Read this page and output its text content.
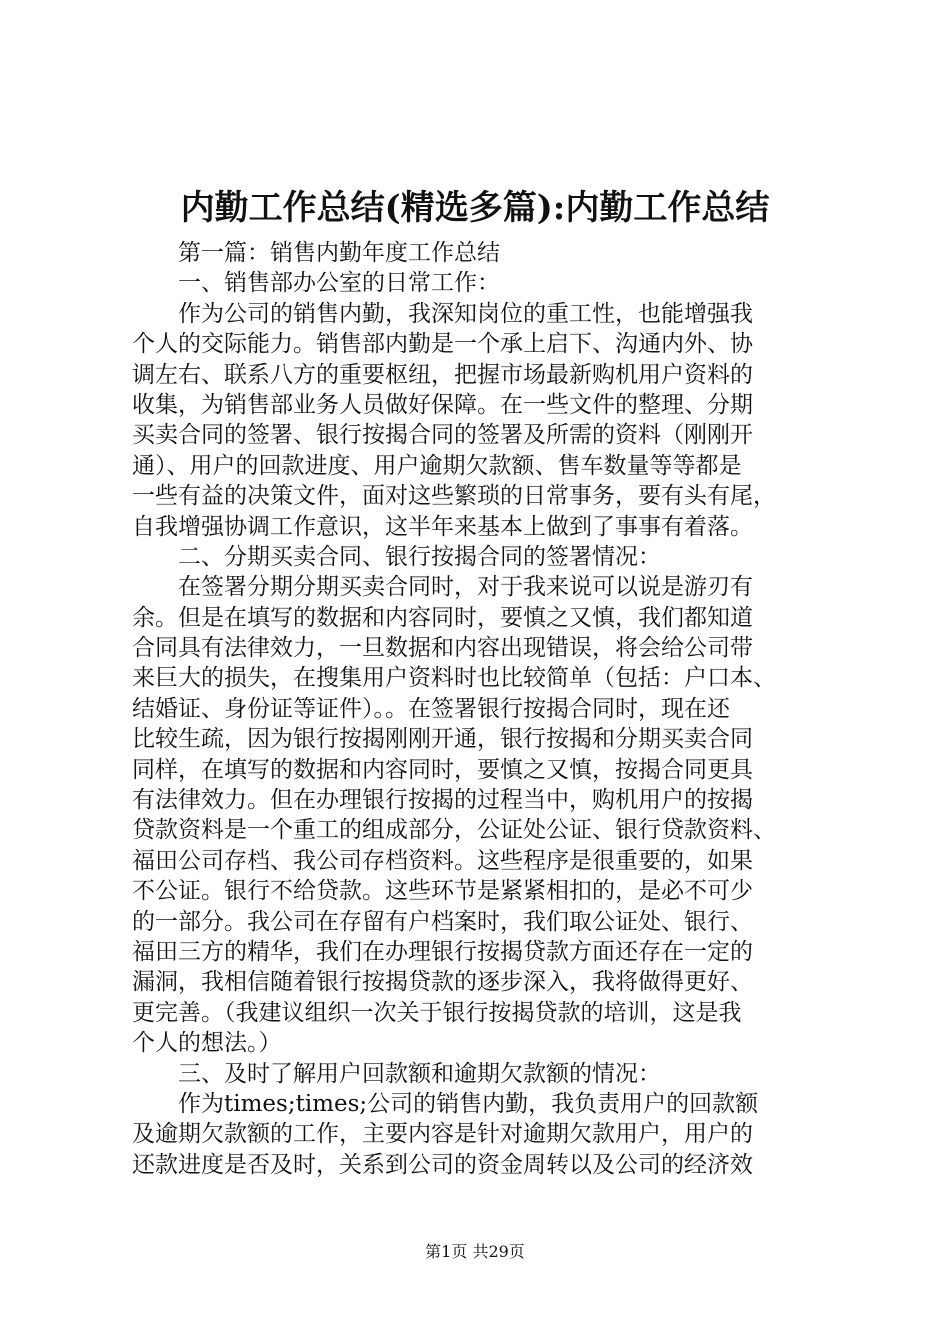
内勤工作总结(精选多篇):内勤工作总结
　　第一篇：销售内勤年度工作总结
　　一、销售部办公室的日常工作：
　　作为公司的销售内勤，我深知岗位的重工性，也能增强我
个人的交际能力。销售部内勤是一个承上启下、沟通内外、协
调左右、联系八方的重要枢纽，把握市场最新购机用户资料的
收集，为销售部业务人员做好保障。在一些文件的整理、分期
买卖合同的签署、银行按揭合同的签署及所需的资料（刚刚开
通）、用户的回款进度、用户逾期欠款额、售车数量等等都是
一些有益的决策文件，面对这些繁琐的日常事务，要有头有尾，
自我增强协调工作意识，这半年来基本上做到了事事有着落。
　　二、分期买卖合同、银行按揭合同的签署情况：
　　在签署分期分期买卖合同时，对于我来说可以说是游刃有
余。但是在填写的数据和内容同时，要慎之又慎，我们都知道
合同具有法律效力，一旦数据和内容出现错误，将会给公司带
来巨大的损失，在搜集用户资料时也比较简单（包括：户口本、
结婚证、身份证等证件）。。在签署银行按揭合同时，现在还
比较生疏，因为银行按揭刚刚开通，银行按揭和分期买卖合同
同样，在填写的数据和内容同时，要慎之又慎，按揭合同更具
有法律效力。但在办理银行按揭的过程当中，购机用户的按揭
贷款资料是一个重工的组成部分，公证处公证、银行贷款资料、
福田公司存档、我公司存档资料。这些程序是很重要的，如果
不公证。银行不给贷款。这些环节是紧紧相扣的，是必不可少
的一部分。我公司在存留有户档案时，我们取公证处、银行、
福田三方的精华，我们在办理银行按揭贷款方面还存在一定的
漏洞，我相信随着银行按揭贷款的逐步深入，我将做得更好、
更完善。（我建议组织一次关于银行按揭贷款的培训，这是我
个人的想法。）
　　三、及时了解用户回款额和逾期欠款额的情况：
　　作为times;times;公司的销售内勤，我负责用户的回款额
及逾期欠款额的工作，主要内容是针对逾期欠款用户，用户的
还款进度是否及时，关系到公司的资金周转以及公司的经济效
第1页 共29页
